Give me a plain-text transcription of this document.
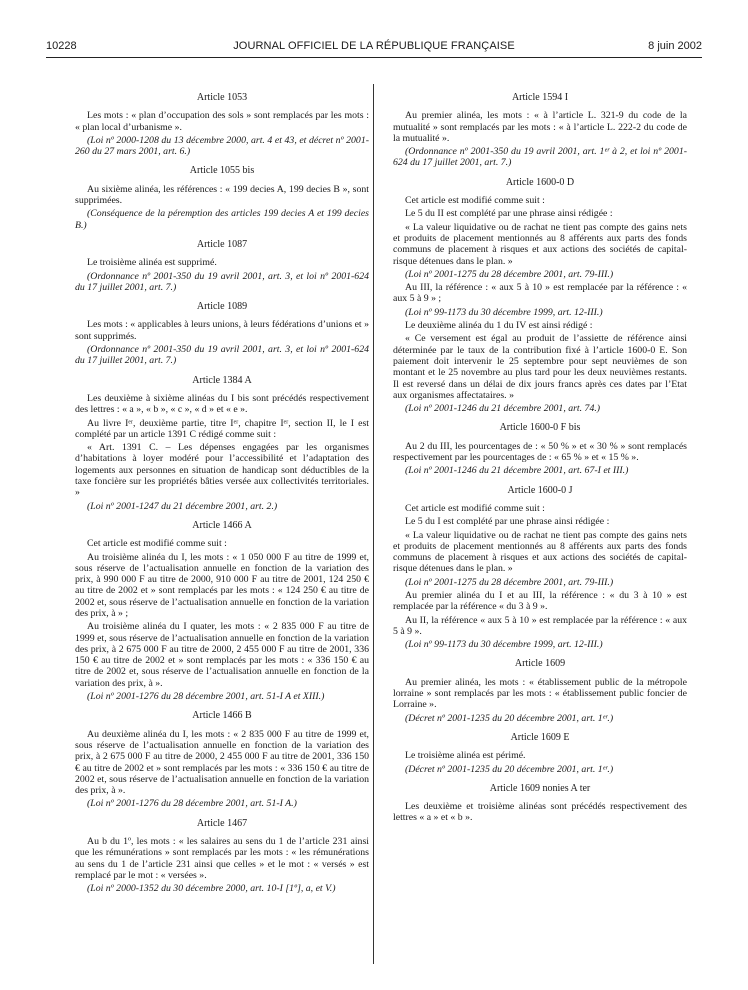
10228	JOURNAL OFFICIEL DE LA RÉPUBLIQUE FRANÇAISE	8 juin 2002
Article 1053

Les mots : « plan d’occupation des sols » sont remplacés par les mots : « plan local d’urbanisme ».

(Loi nº 2000-1208 du 13 décembre 2000, art. 4 et 43, et décret nº 2001-260 du 27 mars 2001, art. 6.)

Article 1055 bis

Au sixième alinéa, les références : « 199 decies A, 199 decies B », sont supprimées.

(Conséquence de la péremption des articles 199 decies A et 199 decies B.)

Article 1087

Le troisième alinéa est supprimé.

(Ordonnance nº 2001-350 du 19 avril 2001, art. 3, et loi nº 2001-624 du 17 juillet 2001, art. 7.)

Article 1089

Les mots : « applicables à leurs unions, à leurs fédérations d’unions et » sont supprimés.

(Ordonnance nº 2001-350 du 19 avril 2001, art. 3, et loi nº 2001-624 du 17 juillet 2001, art. 7.)

Article 1384 A

Les deuxième à sixième alinéas du I bis sont précédés respectivement des lettres : « a », « b », « c », « d » et « e ».

Au livre Iᵉʳ, deuxième partie, titre Iᵉʳ, chapitre Iᵉʳ, section II, le I est complété par un article 1391 C rédigé comme suit :

« Art. 1391 C. – Les dépenses engagées par les organismes d’habitations à loyer modéré pour l’accessibilité et l’adaptation des logements aux personnes en situation de handicap sont déductibles de la taxe foncière sur les propriétés bâties versée aux collectivités territoriales. »

(Loi nº 2001-1247 du 21 décembre 2001, art. 2.)

Article 1466 A

Cet article est modifié comme suit :

Au troisième alinéa du I, les mots : « 1 050 000 F au titre de 1999 et, sous réserve de l’actualisation annuelle en fonction de la variation des prix, à 990 000 F au titre de 2000, 910 000 F au titre de 2001, 124 250 € au titre de 2002 et » sont remplacés par les mots : « 124 250 € au titre de 2002 et, sous réserve de l’actualisation annuelle en fonction de la variation des prix, à » ;

Au troisième alinéa du I quater, les mots : « 2 835 000 F au titre de 1999 et, sous réserve de l’actualisation annuelle en fonction de la variation des prix, à 2 675 000 F au titre de 2000, 2 455 000 F au titre de 2001, 336 150 € au titre de 2002 et » sont remplacés par les mots : « 336 150 € au titre de 2002 et, sous réserve de l’actualisation annuelle en fonction de la variation des prix, à ».

(Loi nº 2001-1276 du 28 décembre 2001, art. 51-I A et XIII.)

Article 1466 B

Au deuxième alinéa du I, les mots : « 2 835 000 F au titre de 1999 et, sous réserve de l’actualisation annuelle en fonction de la variation des prix, à 2 675 000 F au titre de 2000, 2 455 000 F au titre de 2001, 336 150 € au titre de 2002 et » sont remplacés par les mots : « 336 150 € au titre de 2002 et, sous réserve de l’actualisation annuelle en fonction de la variation des prix, à ».

(Loi nº 2001-1276 du 28 décembre 2001, art. 51-I A.)

Article 1467

Au b du 1º, les mots : « les salaires au sens du 1 de l’article 231 ainsi que les rémunérations » sont remplacés par les mots : « les rémunérations au sens du 1 de l’article 231 ainsi que celles » et le mot : « versés » est remplacé par le mot : « versées ».

(Loi nº 2000-1352 du 30 décembre 2000, art. 10-I [1º], a, et V.)

Article 1594 I

Au premier alinéa, les mots : « à l’article L. 321-9 du code de la mutualité » sont remplacés par les mots : « à l’article L. 222-2 du code de la mutualité ».

(Ordonnance nº 2001-350 du 19 avril 2001, art. 1ᵉʳ à 2, et loi nº 2001-624 du 17 juillet 2001, art. 7.)

Article 1600-0 D

Cet article est modifié comme suit :

Le 5 du II est complété par une phrase ainsi rédigée :

« La valeur liquidative ou de rachat ne tient pas compte des gains nets et produits de placement mentionnés au 8 afférents aux parts des fonds communs de placement à risques et aux actions des sociétés de capital-risque détenues dans le plan. »

(Loi nº 2001-1275 du 28 décembre 2001, art. 79-III.)

Au III, la référence : « aux 5 à 10 » est remplacée par la référence : « aux 5 à 9 » ;

(Loi nº 99-1173 du 30 décembre 1999, art. 12-III.)

Le deuxième alinéa du 1 du IV est ainsi rédigé :

« Ce versement est égal au produit de l’assiette de référence ainsi déterminée par le taux de la contribution fixé à l’article 1600-0 E. Son paiement doit intervenir le 25 septembre pour sept neuvièmes de son montant et le 25 novembre au plus tard pour les deux neuvièmes restants. Il est reversé dans un délai de dix jours francs après ces dates par l’Etat aux organismes affectataires. »

(Loi nº 2001-1246 du 21 décembre 2001, art. 74.)

Article 1600-0 F bis

Au 2 du III, les pourcentages de : « 50 % » et « 30 % » sont remplacés respectivement par les pourcentages de : « 65 % » et « 15 % ».

(Loi nº 2001-1246 du 21 décembre 2001, art. 67-I et III.)

Article 1600-0 J

Cet article est modifié comme suit :

Le 5 du I est complété par une phrase ainsi rédigée :

« La valeur liquidative ou de rachat ne tient pas compte des gains nets et produits de placement mentionnés au 8 afférents aux parts des fonds communs de placement à risques et aux actions des sociétés de capital-risque détenues dans le plan. »

(Loi nº 2001-1275 du 28 décembre 2001, art. 79-III.)

Au premier alinéa du I et au III, la référence : « du 3 à 10 » est remplacée par la référence « du 3 à 9 ».

Au II, la référence « aux 5 à 10 » est remplacée par la référence : « aux 5 à 9 ».

(Loi nº 99-1173 du 30 décembre 1999, art. 12-III.)

Article 1609

Au premier alinéa, les mots : « établissement public de la métropole lorraine » sont remplacés par les mots : « établissement public foncier de Lorraine ».

(Décret nº 2001-1235 du 20 décembre 2001, art. 1ᵉʳ.)

Article 1609 E

Le troisième alinéa est périmé.

(Décret nº 2001-1235 du 20 décembre 2001, art. 1ᵉʳ.)

Article 1609 nonies A ter

Les deuxième et troisième alinéas sont précédés respectivement des lettres « a » et « b ».
